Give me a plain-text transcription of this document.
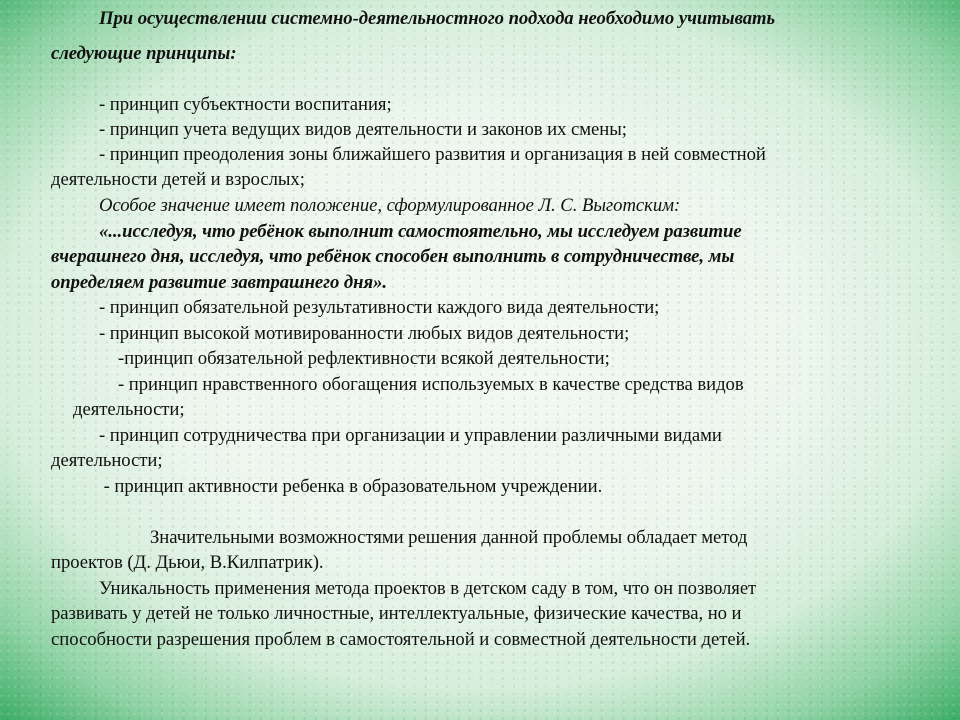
При осуществлении системно-деятельностного подхода необходимо учитывать
следующие принципы:
- принцип субъектности воспитания;
- принцип учета ведущих видов деятельности и законов их смены;
- принцип преодоления зоны ближайшего развития и организация в ней совместной
деятельности детей и взрослых;
Особое значение имеет положение, сформулированное Л. С. Выготским:
«...исследуя, что ребёнок выполнит самостоятельно, мы исследуем развитие
вчерашнего дня, исследуя, что ребёнок способен выполнить в сотрудничестве, мы
определяем развитие завтрашнего дня».
- принцип обязательной результативности каждого вида деятельности;
- принцип высокой мотивированности любых видов деятельности;
-принцип обязательной рефлективности всякой деятельности;
- принцип нравственного обогащения используемых в качестве средства видов
деятельности;
- принцип сотрудничества при организации и управлении различными видами
деятельности;
- принцип активности ребенка в образовательном учреждении.
Значительными возможностями решения данной проблемы обладает метод
проектов (Д. Дьюи, В.Килпатрик).
Уникальность применения метода проектов в детском саду в том, что он позволяет
развивать у детей не только личностные, интеллектуальные, физические качества, но и
способности разрешения проблем в самостоятельной и совместной деятельности детей.
